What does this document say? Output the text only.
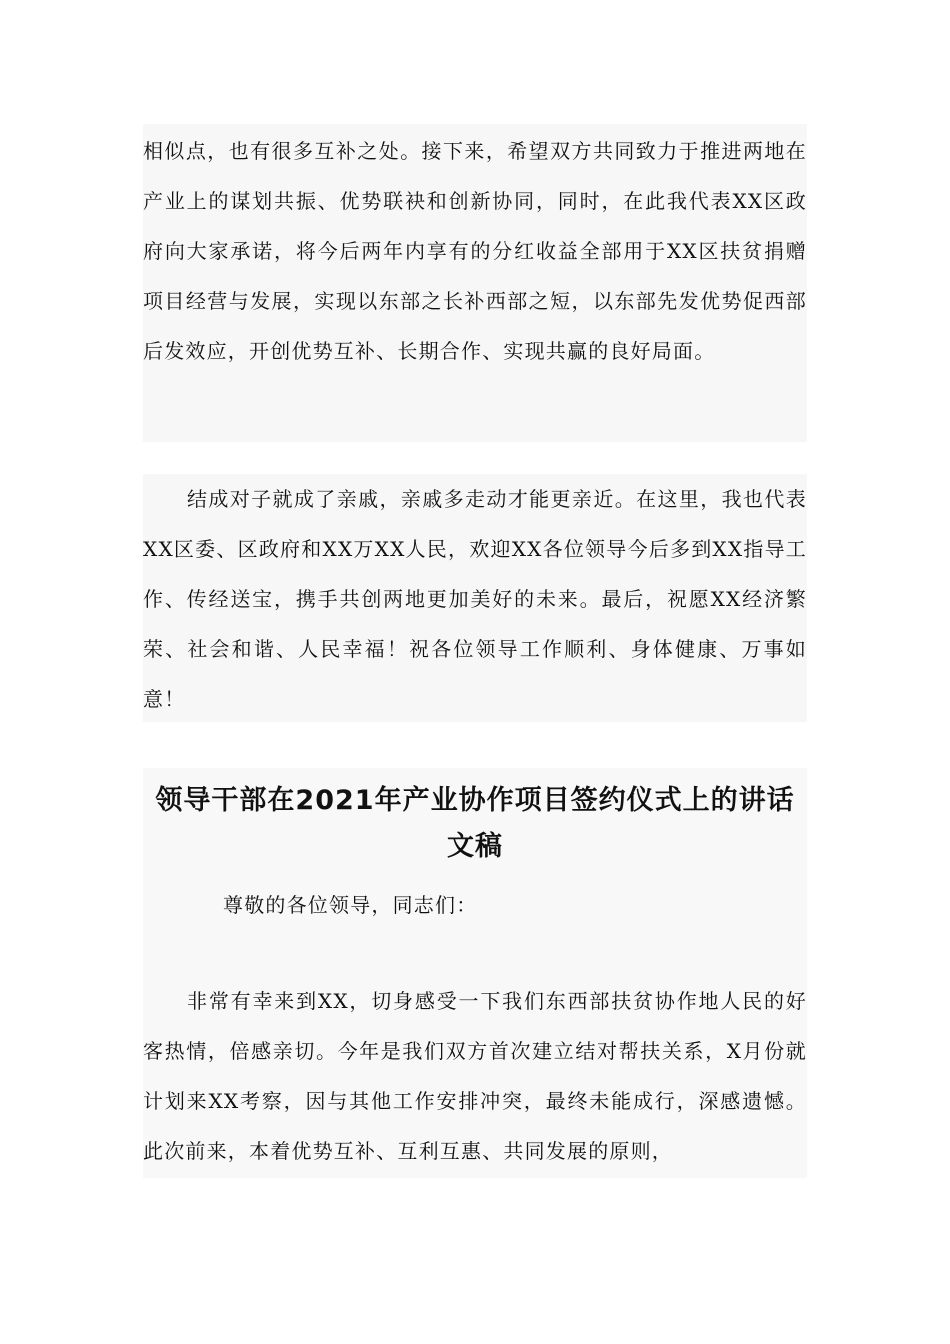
相似点，也有很多互补之处。接下来，希望双方共同致力于推进两地在产业上的谋划共振、优势联袂和创新协同，同时，在此我代表XX区政府向大家承诺，将今后两年内享有的分红收益全部用于XX区扶贫捐赠项目经营与发展，实现以东部之长补西部之短，以东部先发优势促西部后发效应，开创优势互补、长期合作、实现共赢的良好局面。

结成对子就成了亲戚，亲戚多走动才能更亲近。在这里，我也代表XX区委、区政府和XX万XX人民，欢迎XX各位领导今后多到XX指导工作、传经送宝，携手共创两地更加美好的未来。最后，祝愿XX经济繁荣、社会和谐、人民幸福！祝各位领导工作顺利、身体健康、万事如意！

领导干部在2021年产业协作项目签约仪式上的讲话
文稿

尊敬的各位领导，同志们：

非常有幸来到XX，切身感受一下我们东西部扶贫协作地人民的好客热情，倍感亲切。今年是我们双方首次建立结对帮扶关系，X月份就计划来XX考察，因与其他工作安排冲突，最终未能成行，深感遗憾。此次前来，本着优势互补、互利互惠、共同发展的原则，
